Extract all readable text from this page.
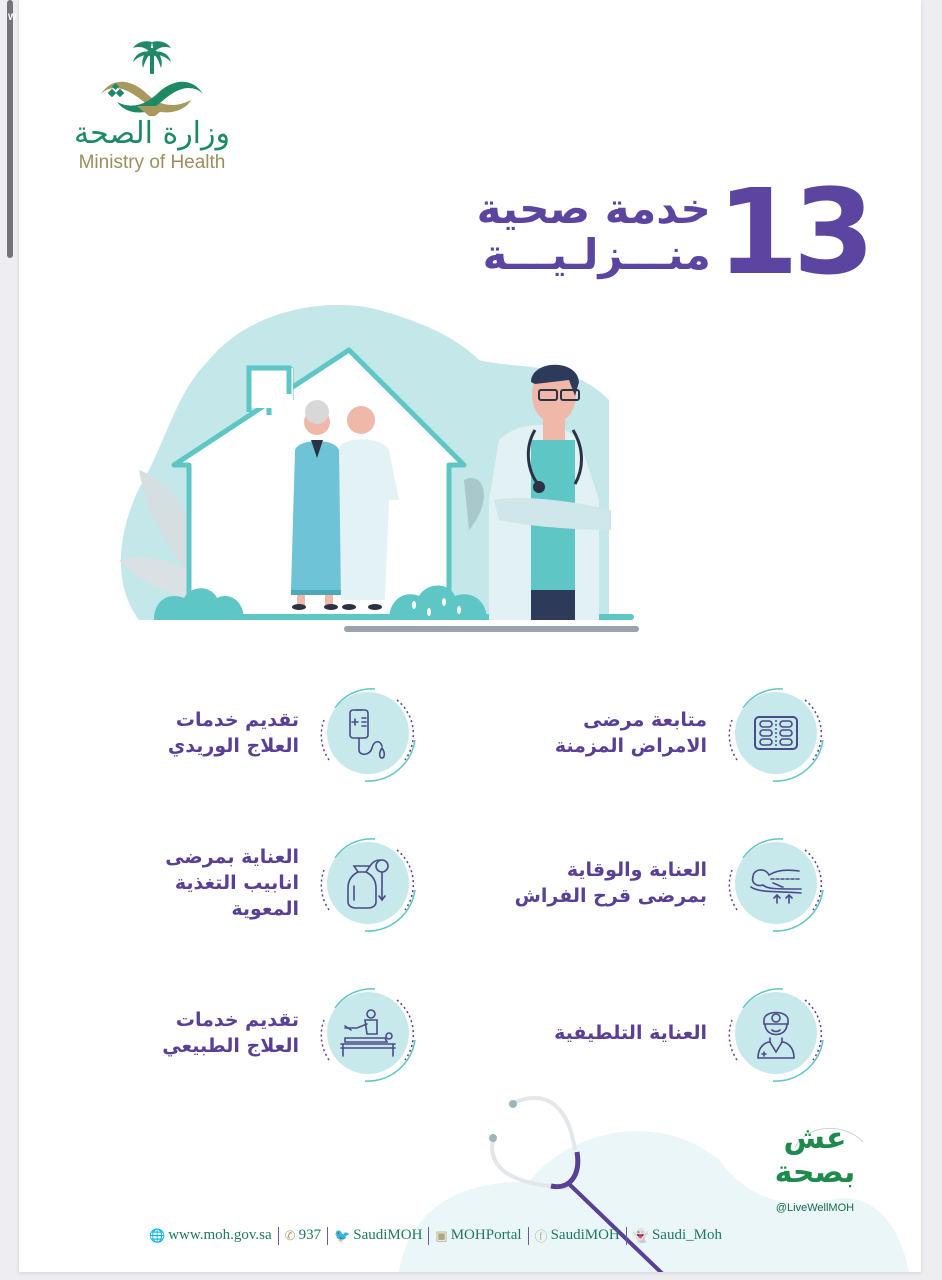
W
وزارة الصحة
Ministry of Health
خدمة صحية
منـــزلـيـــة 13
متابعة مرضى
الامراض المزمنة
العناية والوقاية
بمرضى قرح الفراش
العناية التلطيفية
تقديم خدمات
العلاج الوريدي
العناية بمرضى
انابيب التغذية
المعوية
تقديم خدمات
العلاج الطبيعي
عش بصحة
@LiveWellMOH
🌐 www.moh.gov.sa ✆ 937 🐦 SaudiMOH ▣ MOHPortal ⓕ SaudiMOH 👻 Saudi_Moh
